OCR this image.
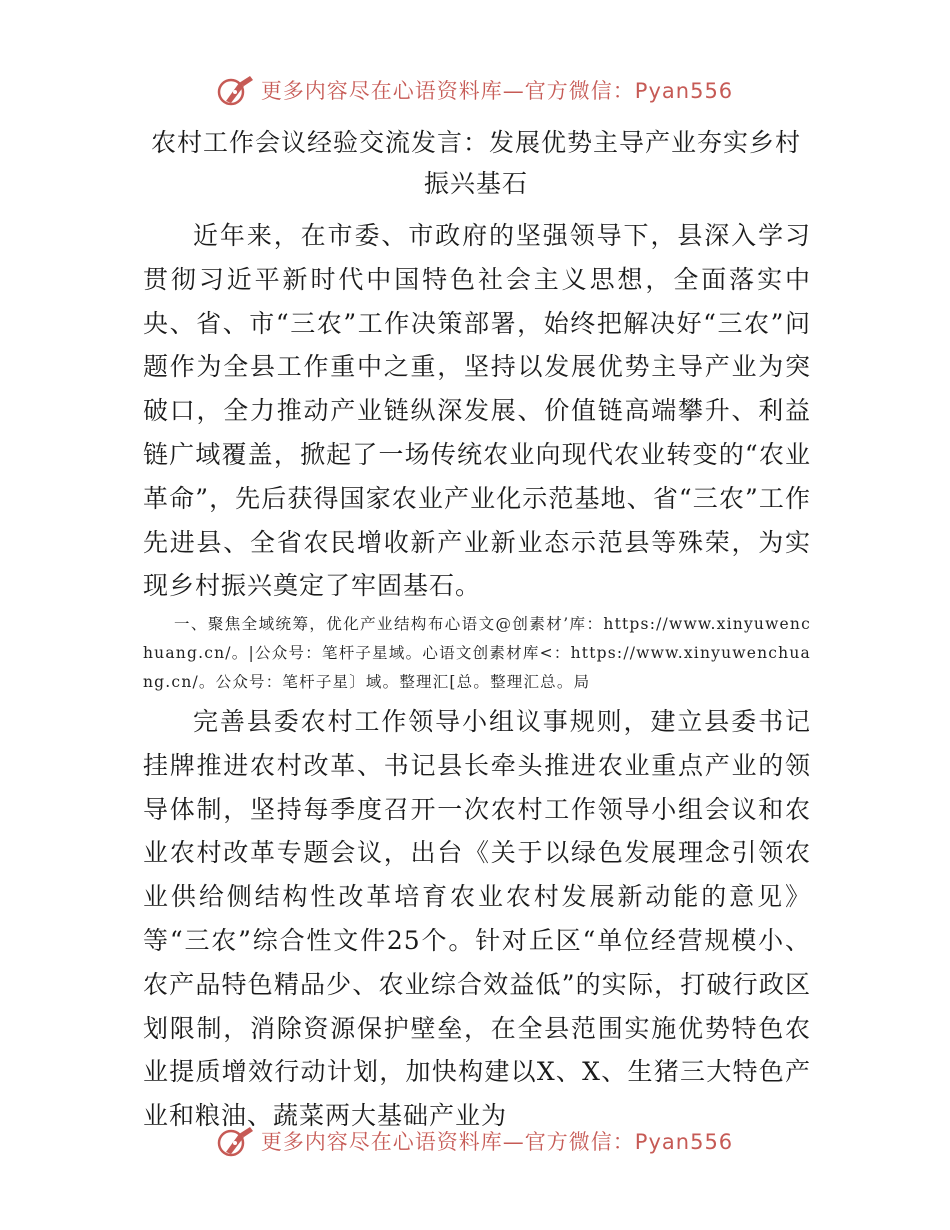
更多内容尽在心语资料库—官方微信：Pyan556
农村工作会议经验交流发言：发展优势主导产业夯实乡村振兴基石

近年来，在市委、市政府的坚强领导下，县深入学习贯彻习近平新时代中国特色社会主义思想，全面落实中央、省、市“三农”工作决策部署，始终把解决好“三农”问题作为全县工作重中之重，坚持以发展优势主导产业为突破口，全力推动产业链纵深发展、价值链高端攀升、利益链广域覆盖，掀起了一场传统农业向现代农业转变的“农业革命”，先后获得国家农业产业化示范基地、省“三农”工作先进县、全省农民增收新产业新业态示范县等殊荣，为实现乡村振兴奠定了牢固基石。

一、聚焦全域统筹，优化产业结构布心语文@创素材’库：https://www.xinyuwenchuang.cn/。|公众号：笔杆子星域。心语文创素材库<：https://www.xinyuwenchuang.cn/。公众号：笔杆子星〕域。整理汇[总。整理汇总。局

完善县委农村工作领导小组议事规则，建立县委书记挂牌推进农村改革、书记县长牵头推进农业重点产业的领导体制，坚持每季度召开一次农村工作领导小组会议和农业农村改革专题会议，出台《关于以绿色发展理念引领农业供给侧结构性改革培育农业农村发展新动能的意见》等“三农”综合性文件25个。针对丘区“单位经营规模小、农产品特色精品少、农业综合效益低”的实际，打破行政区划限制，消除资源保护壁垒，在全县范围实施优势特色农业提质增效行动计划，加快构建以X、X、生猪三大特色产业和粮油、蔬菜两大基础产业为

更多内容尽在心语资料库—官方微信：Pyan556
